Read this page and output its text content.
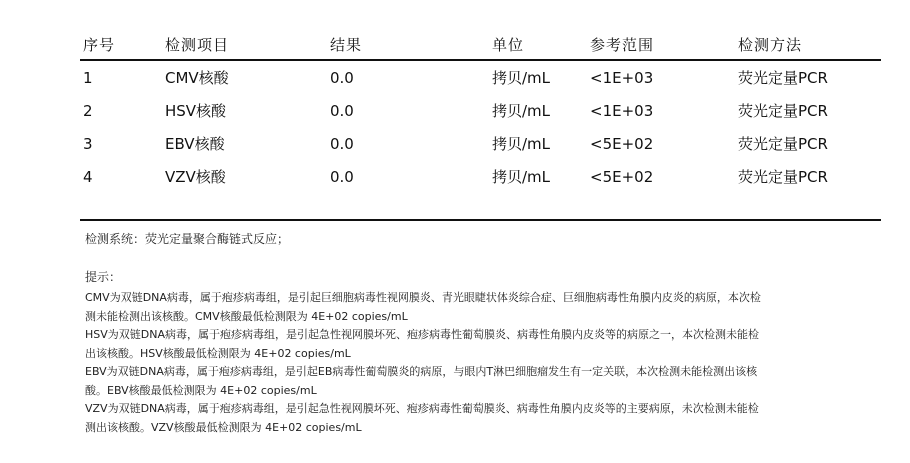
序号	检测项目	结果	单位	参考范围	检测方法
1	CMV核酸	0.0	拷贝/mL	<1E+03	荧光定量PCR
2	HSV核酸	0.0	拷贝/mL	<1E+03	荧光定量PCR
3	EBV核酸	0.0	拷贝/mL	<5E+02	荧光定量PCR
4	VZV核酸	0.0	拷贝/mL	<5E+02	荧光定量PCR
检测系统：荧光定量聚合酶链式反应；
提示：
CMV为双链DNA病毒，属于疱疹病毒组，是引起巨细胞病毒性视网膜炎、青光眼睫状体炎综合症、巨细胞病毒性角膜内皮炎的病原，本次检
测未能检测出该核酸。CMV核酸最低检测限为 4E+02 copies/mL
HSV为双链DNA病毒，属于疱疹病毒组，是引起急性视网膜坏死、疱疹病毒性葡萄膜炎、病毒性角膜内皮炎等的病原之一，本次检测未能检
出该核酸。HSV核酸最低检测限为 4E+02 copies/mL
EBV为双链DNA病毒，属于疱疹病毒组，是引起EB病毒性葡萄膜炎的病原，与眼内T淋巴细胞瘤发生有一定关联，本次检测未能检测出该核
酸。EBV核酸最低检测限为 4E+02 copies/mL
VZV为双链DNA病毒，属于疱疹病毒组，是引起急性视网膜坏死、疱疹病毒性葡萄膜炎、病毒性角膜内皮炎等的主要病原，未次检测未能检
测出该核酸。VZV核酸最低检测限为 4E+02 copies/mL
